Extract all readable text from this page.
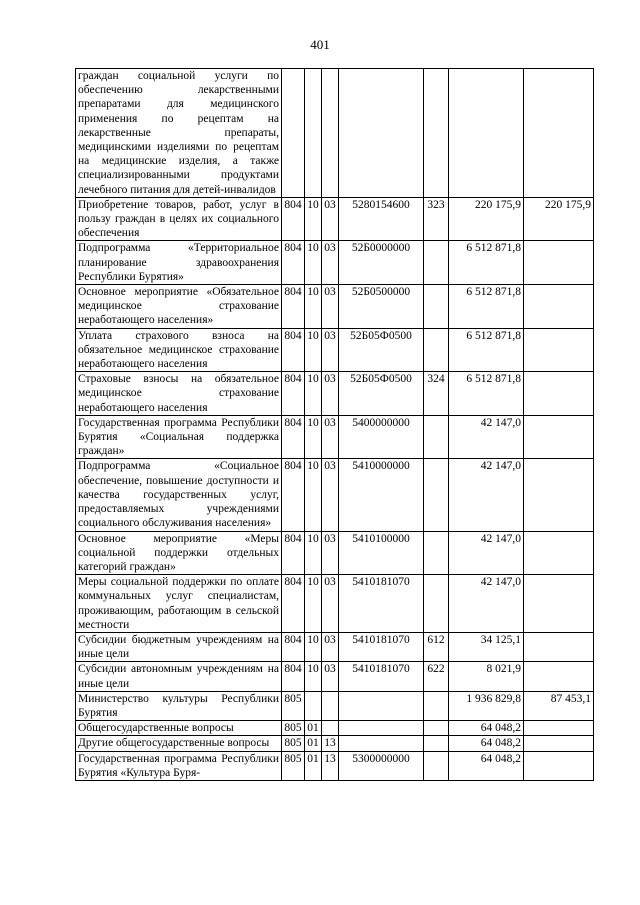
401
граждан социальной услуги по обеспечению лекарственными препаратами для медицинского применения по рецептам на лекарственные препараты, медицинскими изделиями по рецептам на медицинские изделия, а также специализированными продуктами лечебного питания для детей-инвалидов							
Приобретение товаров, работ, услуг в пользу граждан в целях их социального обеспечения	804	10	03	5280154600	323	220 175,9	220 175,9
Подпрограмма «Территориальное планирование здравоохранения Республики Бурятия»	804	10	03	52Б0000000		6 512 871,8	
Основное мероприятие «Обязательное медицинское страхование неработающего населения»	804	10	03	52Б0500000		6 512 871,8	
Уплата страхового взноса на обязательное медицинское страхование неработающего населения	804	10	03	52Б05Ф0500		6 512 871,8	
Страховые взносы на обязательное медицинское страхование неработающего населения	804	10	03	52Б05Ф0500	324	6 512 871,8	
Государственная программа Республики Бурятия «Социальная поддержка граждан»	804	10	03	5400000000		42 147,0	
Подпрограмма «Социальное обеспечение, повышение доступности и качества государственных услуг, предоставляемых учреждениями социального обслуживания населения»	804	10	03	5410000000		42 147,0	
Основное мероприятие «Меры социальной поддержки отдельных категорий граждан»	804	10	03	5410100000		42 147,0	
Меры социальной поддержки по оплате коммунальных услуг специалистам, проживающим, работающим в сельской местности	804	10	03	5410181070		42 147,0	
Субсидии бюджетным учреждениям на иные цели	804	10	03	5410181070	612	34 125,1	
Субсидии автономным учреждениям на иные цели	804	10	03	5410181070	622	8 021,9	
Министерство культуры Республики Бурятия	805					1 936 829,8	87 453,1
Общегосударственные вопросы	805	01				64 048,2	
Другие общегосударственные вопросы	805	01	13			64 048,2	
Государственная программа Республики Бурятия «Культура Буря-	805	01	13	5300000000		64 048,2	
